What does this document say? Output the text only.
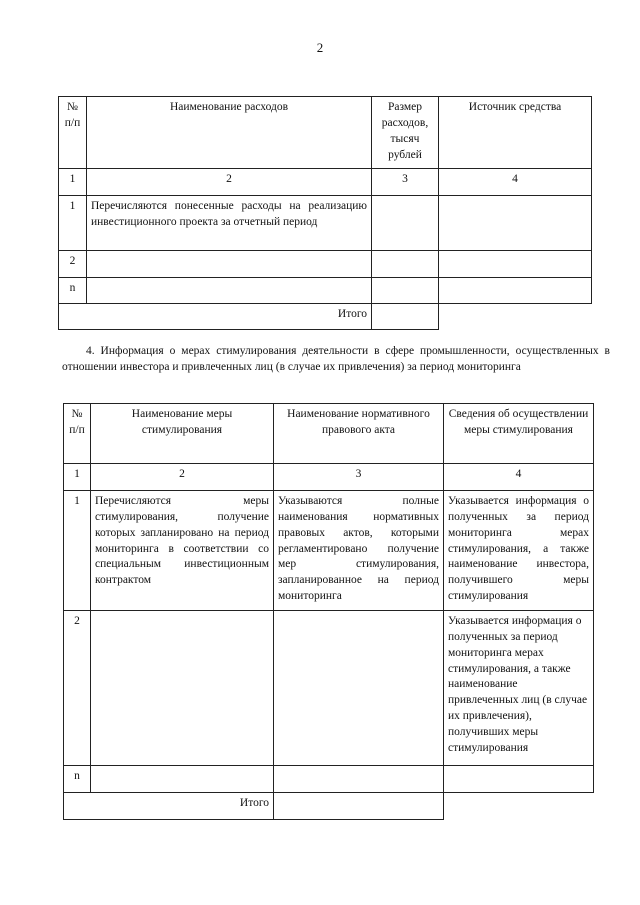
2
№ п/п	Наименование расходов	Размер расходов, тысяч рублей	Источник средства
1	2	3	4
1	Перечисляются понесенные расходы на реализацию инвестиционного проекта за отчетный период		
2			
n			
Итого			
4. Информация о мерах стимулирования деятельности в сфере промышленности, осуществленных в отношении инвестора и привлеченных лиц (в случае их привлечения) за период мониторинга
№ п/п	Наименование меры стимулирования	Наименование нормативного правового акта	Сведения об осуществлении меры стимулирования
1	2	3	4
1	Перечисляются меры стимулирования, получение которых запланировано на период мониторинга в соответствии со специальным инвестиционным контрактом	Указываются полные наименования нормативных правовых актов, которыми регламентировано получение мер стимулирования, запланированное на период мониторинга	Указывается информация о полученных за период мониторинга мерах стимулирования, а также наименование инвестора, получившего меры стимулирования
2			Указывается информация о полученных за период мониторинга мерах стимулирования, а также наименование привлеченных лиц (в случае их привлечения), получивших меры стимулирования
n			
Итого			
